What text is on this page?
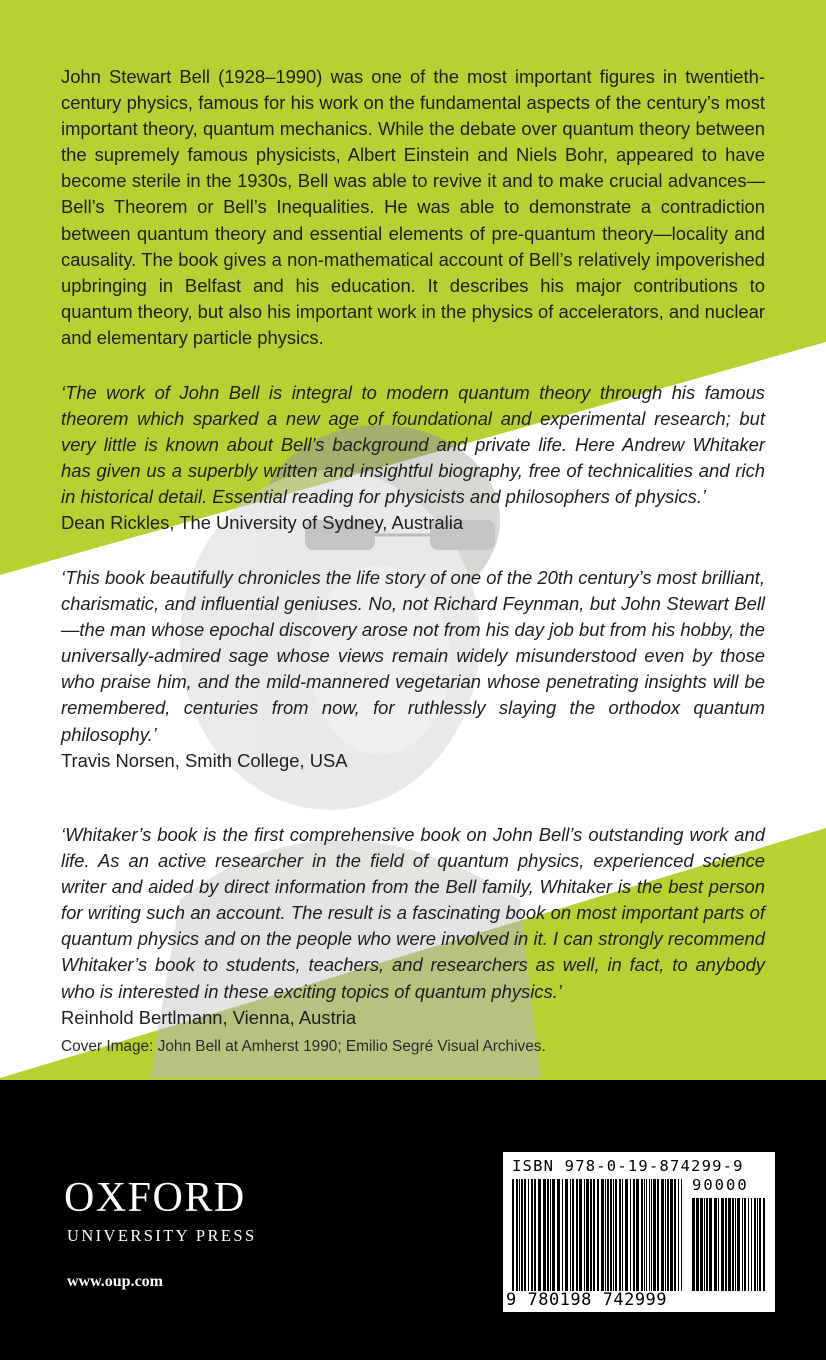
John Stewart Bell (1928–1990) was one of the most important figures in twentieth-century physics, famous for his work on the fundamental aspects of the century’s most important theory, quantum mechanics. While the debate over quantum theory between the supremely famous physicists, Albert Einstein and Niels Bohr, appeared to have become sterile in the 1930s, Bell was able to revive it and to make crucial advances—Bell’s Theorem or Bell’s Inequalities. He was able to demonstrate a contradiction between quantum theory and essential elements of pre-quantum theory—locality and causality. The book gives a non-mathematical account of Bell’s relatively impoverished upbringing in Belfast and his education. It describes his major contributions to quantum theory, but also his important work in the physics of accelerators, and nuclear and elementary particle physics.

‘The work of John Bell is integral to modern quantum theory through his famous theorem which sparked a new age of foundational and experimental research; but very little is known about Bell’s background and private life. Here Andrew Whitaker has given us a superbly written and insightful biography, free of technicalities and rich in historical detail. Essential reading for physicists and philosophers of physics.’

Dean Rickles, The University of Sydney, Australia

‘This book beautifully chronicles the life story of one of the 20th century’s most brilliant, charismatic, and influential geniuses. No, not Richard Feynman, but John Stewart Bell—the man whose epochal discovery arose not from his day job but from his hobby, the universally-admired sage whose views remain widely misunderstood even by those who praise him, and the mild-mannered vegetarian whose penetrating insights will be remembered, centuries from now, for ruthlessly slaying the orthodox quantum philosophy.’

Travis Norsen, Smith College, USA

‘Whitaker’s book is the first comprehensive book on John Bell’s outstanding work and life. As an active researcher in the field of quantum physics, experienced science writer and aided by direct information from the Bell family, Whitaker is the best person for writing such an account. The result is a fascinating book on most important parts of quantum physics and on the people who were involved in it. I can strongly recommend Whitaker’s book to students, teachers, and researchers as well, in fact, to anybody who is interested in these exciting topics of quantum physics.’

Reinhold Bertlmann, Vienna, Austria

Cover Image: John Bell at Amherst 1990; Emilio Segré Visual Archives.

OXFORD
UNIVERSITY PRESS
www.oup.com
ISBN 978-0-19-874299-9
90000
9 780198 742999
